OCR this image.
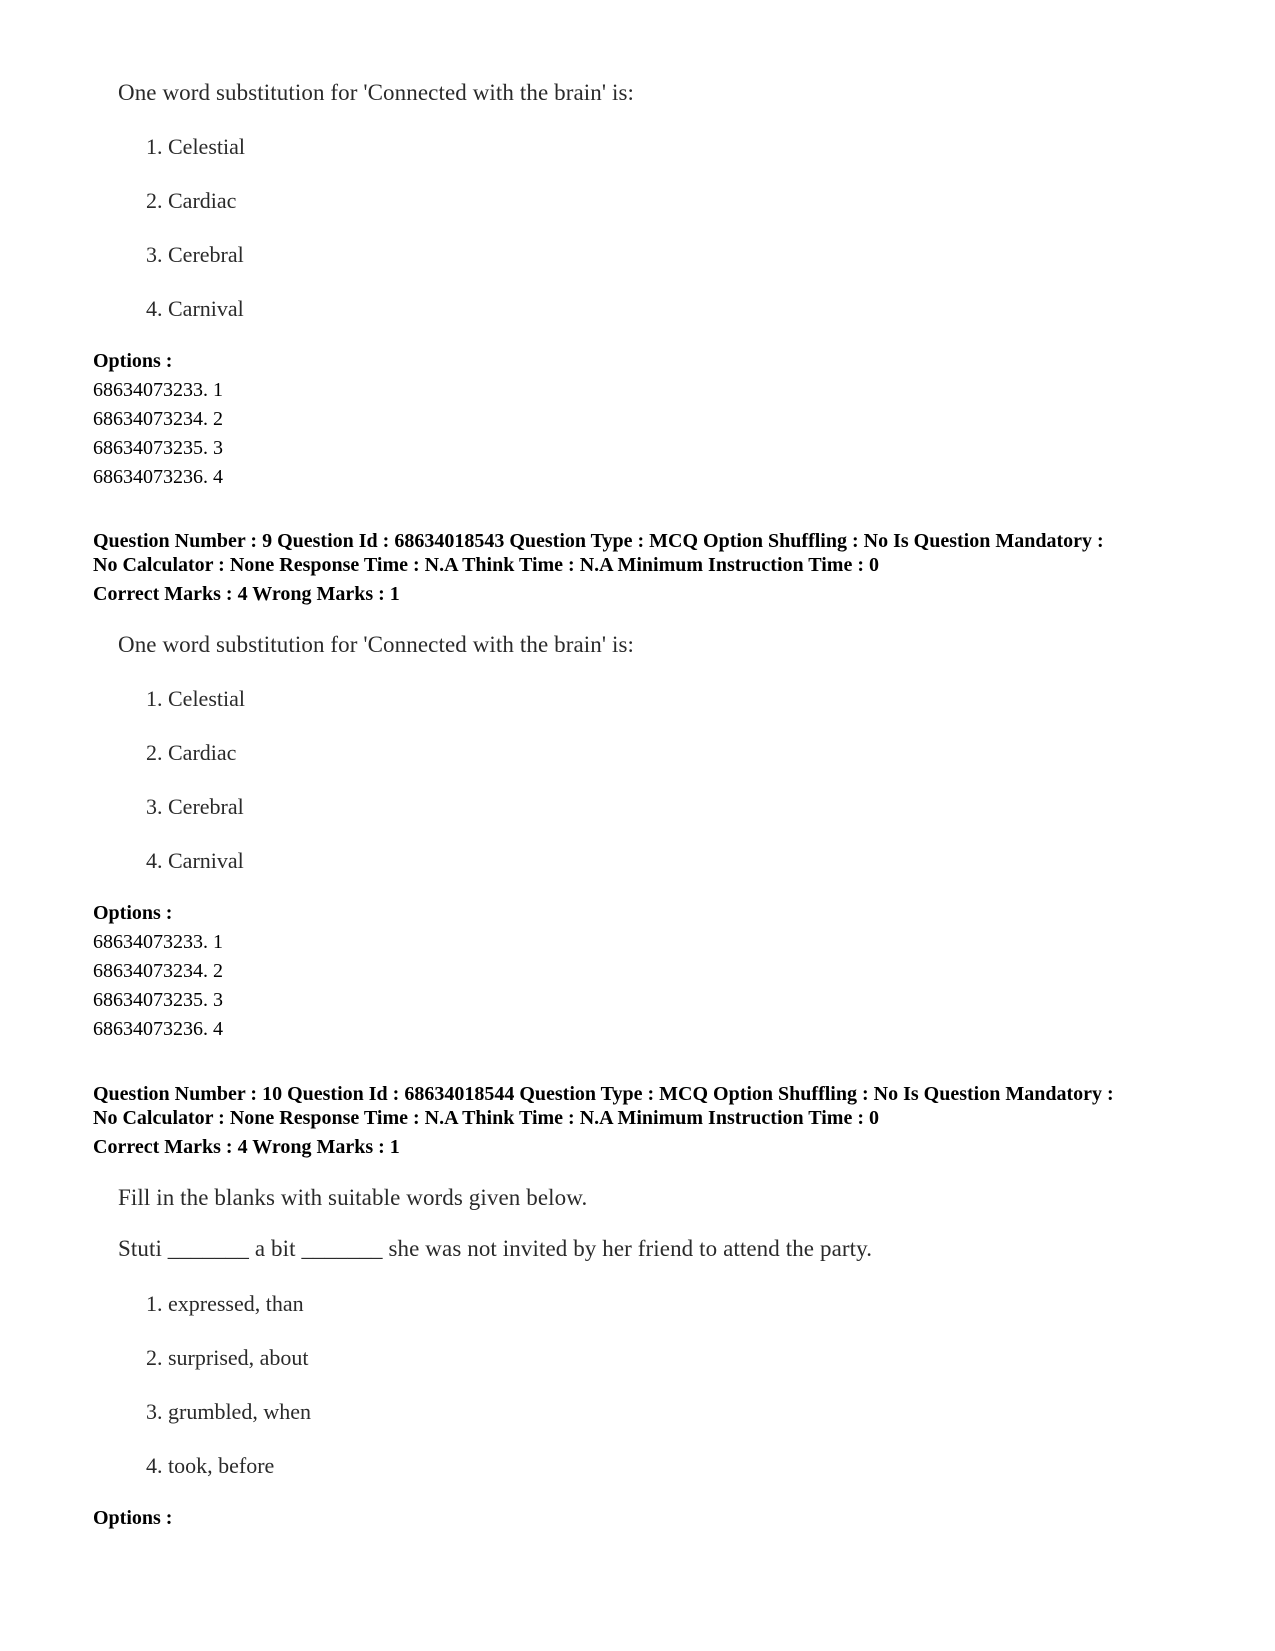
One word substitution for 'Connected with the brain' is:
1. Celestial
2. Cardiac
3. Cerebral
4. Carnival
Options :
68634073233. 1
68634073234. 2
68634073235. 3
68634073236. 4
Question Number : 9 Question Id : 68634018543 Question Type : MCQ Option Shuffling : No Is Question Mandatory :
No Calculator : None Response Time : N.A Think Time : N.A Minimum Instruction Time : 0
Correct Marks : 4 Wrong Marks : 1
One word substitution for 'Connected with the brain' is:
1. Celestial
2. Cardiac
3. Cerebral
4. Carnival
Options :
68634073233. 1
68634073234. 2
68634073235. 3
68634073236. 4
Question Number : 10 Question Id : 68634018544 Question Type : MCQ Option Shuffling : No Is Question Mandatory :
No Calculator : None Response Time : N.A Think Time : N.A Minimum Instruction Time : 0
Correct Marks : 4 Wrong Marks : 1
Fill in the blanks with suitable words given below.
Stuti _______ a bit _______ she was not invited by her friend to attend the party.
1. expressed, than
2. surprised, about
3. grumbled, when
4. took, before
Options :
